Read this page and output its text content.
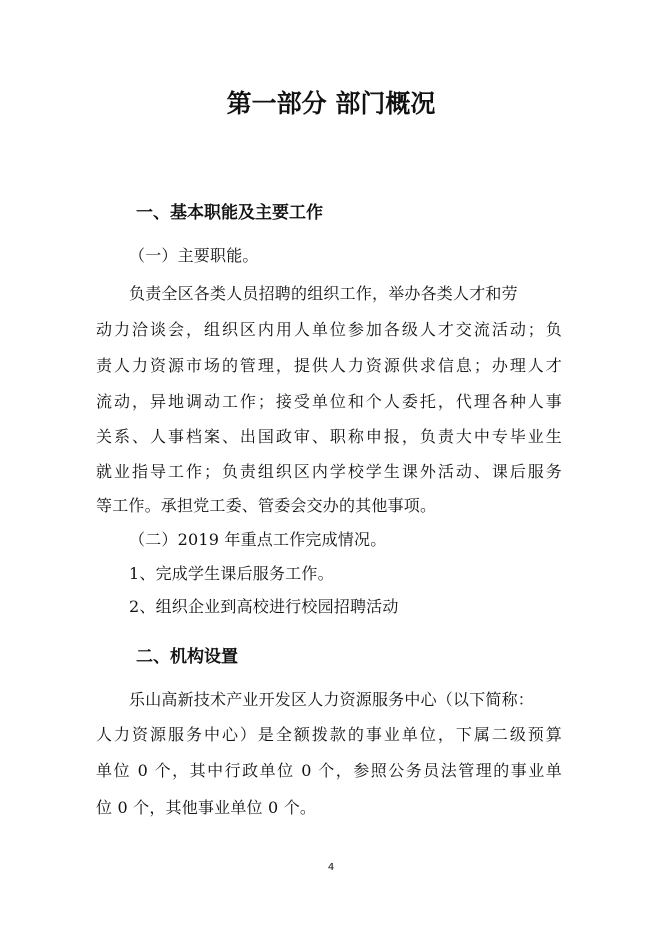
第一部分 部门概况
一、基本职能及主要工作

（一）主要职能。

负责全区各类人员招聘的组织工作，举办各类人才和劳

动力洽谈会，组织区内用人单位参加各级人才交流活动；负

责人力资源市场的管理，提供人力资源供求信息；办理人才

流动，异地调动工作；接受单位和个人委托，代理各种人事

关系、人事档案、出国政审、职称申报，负责大中专毕业生

就业指导工作；负责组织区内学校学生课外活动、课后服务

等工作。承担党工委、管委会交办的其他事项。

（二）2019 年重点工作完成情况。

1、完成学生课后服务工作。

2、组织企业到高校进行校园招聘活动

二、机构设置

乐山高新技术产业开发区人力资源服务中心（以下简称：

人力资源服务中心）是全额拨款的事业单位，下属二级预算

单位 0 个，其中行政单位 0 个，参照公务员法管理的事业单

位 0 个，其他事业单位 0 个。

4
